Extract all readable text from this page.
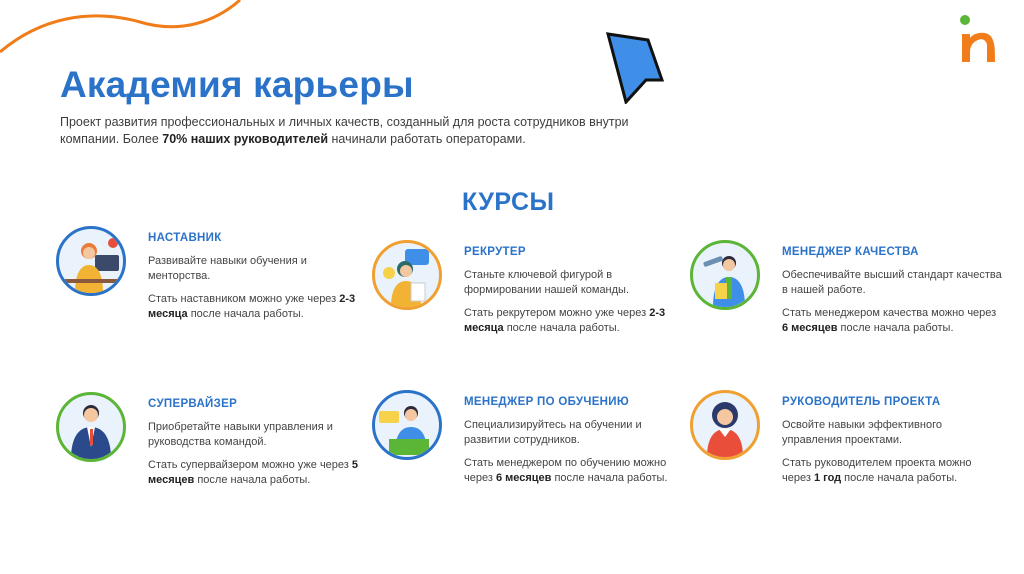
Академия карьеры
Проект развития профессиональных и личных качеств, созданный для роста сотрудников внутри компании. Более 70% наших руководителей начинали работать операторами.
КУРСЫ
НАСТАВНИК
Развивайте навыки обучения и менторства.
Стать наставником можно уже через 2-3 месяца после начала работы.
РЕКРУТЕР
Станьте ключевой фигурой в формировании нашей команды.
Стать рекрутером можно уже через 2-3 месяца после начала работы.
МЕНЕДЖЕР КАЧЕСТВА
Обеспечивайте высший стандарт качества в нашей работе.
Стать менеджером качества можно через 6 месяцев после начала работы.
СУПЕРВАЙЗЕР
Приобретайте навыки управления и руководства командой.
Стать супервайзером можно уже через 5 месяцев после начала работы.
МЕНЕДЖЕР ПО ОБУЧЕНИЮ
Специализируйтесь на обучении и развитии сотрудников.
Стать менеджером по обучению можно через 6 месяцев после начала работы.
РУКОВОДИТЕЛЬ ПРОЕКТА
Освойте навыки эффективного управления проектами.
Стать руководителем проекта можно через 1 год после начала работы.
